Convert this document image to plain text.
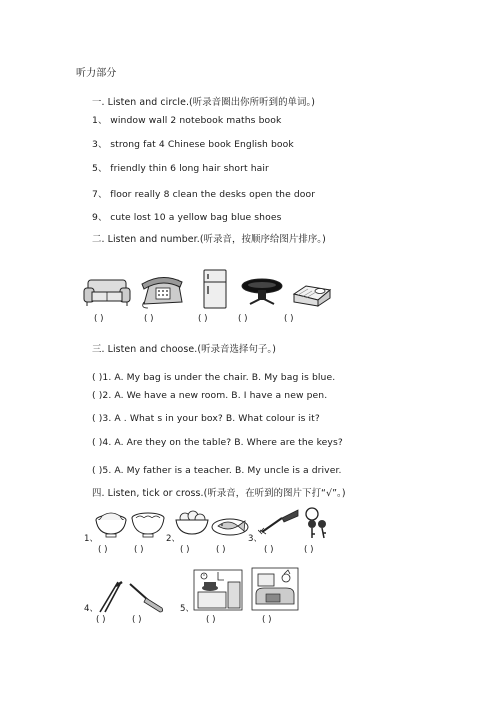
听力部分
一. Listen and circle.(听录音圈出你所听到的单词。)
1、 window wall 2 notebook maths book
3、 strong fat 4 Chinese book English book
5、 friendly thin 6 long hair short hair
7、 floor really 8 clean the desks open the door
9、 cute lost 10 a yellow bag blue shoes
二. Listen and number.(听录音，按顺序给图片排序。)
( )	( )	( )	( )	( )
三. Listen and choose.(听录音选择句子。)
( )1. A. My bag is under the chair. B. My bag is blue.
( )2. A. We have a new room. B. I have a new pen.
( )3. A . What s in your box? B. What colour is it?
( )4. A. Are they on the table? B. Where are the keys?
( )5. A. My father is a teacher. B. My uncle is a driver.
四. Listen, tick or cross.(听录音，在听到的图片下打“√”。)
1、	2、	3、
( )	( )	( )	( )	( )	( )
4、	5、
( )	( )	( )	( )
